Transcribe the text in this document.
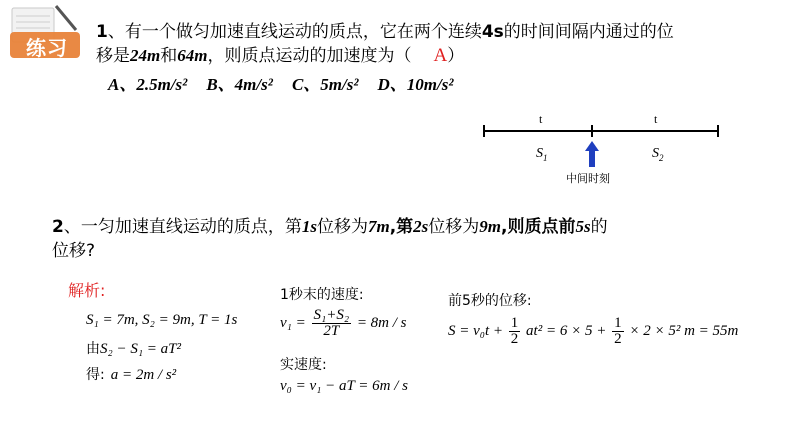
练习
1、有一个做匀加速直线运动的质点，它在两个连续4s的时间间隔内通过的位
移是24m和64m，则质点运动的加速度为（ A）
A、2.5m/s² B、4m/s² C、5m/s² D、10m/s²
t	t
$S_1$	$S_2$
中间时刻
2、一匀加速直线运动的质点，第1s位移为7m,第2s位移为9m,则质点前5s的
位移?
解析:
S₁ = 7m, S₂ = 9m, T = 1s
由S₂ − S₁ = aT²
得: a = 2m / s²
1秒末的速度:
$v_1 = \frac{\text{S₁+S₂}}{2T} = 8m / s$
实速度:
v₀ = v₁ − aT = 6m / s
前5秒的位移:
$S = v_0t + \frac{1}{2} at^2 = 6 \times 5 + \frac{1}{2} \times 2 \times 5^2$ m = 55m
